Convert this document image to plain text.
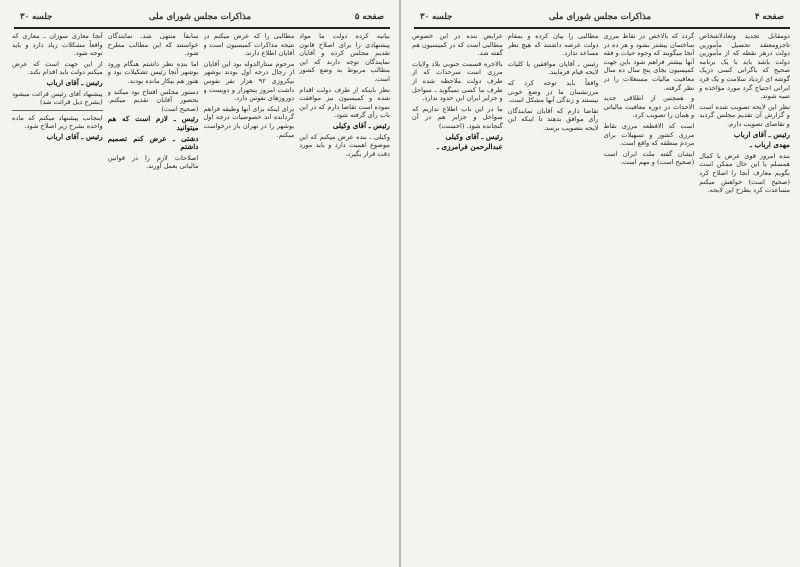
صفحه ۵
مذاکرات مجلس شورای ملی
جلسه ۳۰

بیانیه کرده دولت ما مواد پیشنهادی را برای اصلاح قانون تقدیم مجلس کرده و آقایان نمایندگان توجه دارند که این مطالب مربوط به وضع کشور است.

نظر باینکه از طرف دولت اقدام شده و کمیسیون نیز موافقت نموده است تقاضا دارم که در این باب رأی گرفته شود.

رئیس ـ آقای وکیلی

وکیلی ـ بنده عرض میکنم که این موضوع اهمیت دارد و باید مورد دقت قرار بگیرد.

مطالبی را که عرض میکنم در نتیجه مذاکرات کمیسیون است و آقایان اطلاع دارند.

مرحوم ستارالدوله بود این آقایان از رجال درجه اول بودند بوشهر بیکروزی ۹۲ هزار نفر نفوس داشت امروز پنجهزار و دویست و دوروزهای نفوس دارد.

برای اینکه برای آنها وظیفه فراهم گردانده اند خصوصیات درجه اول بوشهر را در تهران باز درخواست میکنم.

سابقاً منتهی شد، نمایندگان خواستند که این مطالب مطرح شود.

اما بنده نظر داشتم هنگام ورود بوشهر آنجا رئیس تشکیلات بود و هنوز هم بیکار مانده بودند.

دستور مجلس افتتاح بود میکند و بحضور آقایان تقدیم میکنم. (صحیح است)

رئیس ـ لازم است که هم میتوانید

دشتی ـ عرض کنم تصمیم داشتم

اصلاحات لازم را در قوانین مالیاتی بعمل آورند.

آنجا معاری سوزان ـ معاری که واقعاً مشکلات زیاد دارد و باید توجه شود.

از این جهت است که عرض میکنم دولت باید اقدام بکند.

رئیس ـ آقای ارباب

پیشنهاد آقای رئیس قرائت میشود (بشرح ذیل قرائت شد)

اینجانب پیشنهاد میکنم که ماده واحده بشرح زیر اصلاح شود.

رئیس ـ آقای ارباب

صفحه ۴
مذاکرات مجلس شورای ملی
جلسه ۳۰

دومقابل تجدید وتعادلاشخاص تاجرومعتقد تحصیل مأمورین دولت درهر نقطه که از مأمورین دولت باشد باید با یک برنامه صحیح که باگرانی کسی دریک گوشه ای ازدیاد سلامت و یک فرد ایرانی احتیاج گرد مورد مؤاخذه و تنبیه شوند.

نظر این لایحه تصویب شده است و گزارش آن تقدیم مجلس گردید و تقاضای تصویب دارم.

رئیس ـ آقای ارباب

مهدی ارباب ـ

بنده امروز قوی عرض با کمال همسلم با این حال ممکن است بگویم معارف آنجا را اصلاح کرد (صحیح است) خواهش میکنم مساعدت کرد بطرح این لایحه.

گردد که بالاخص در نقاط مرزی ساختمان بیشتر بشود و هر ده در آنجا میگویند که وجوه حیات و فقه آنها بیشتر فراهم شود باین جهت کمیسیون بجای پنج سال ده سال معافیت مالیات مستغلات را در نظر گرفته.

و همچنین از اطلاقی جدید الاحداث در دوره معافیت مالیاتی و همان را تصویب کرد.

است که الاقطعه مرزی نقاط مرزی کشور و تسهیلات برای مردم منطقه که واقع است.

ایشان گفته ملت ایران است (صحیح است) و مهم است.

مطالبی را بیان کرده و بمقام دولت عرضه داشتند که هیچ نظر مساعد ندارد.

رئیس ـ آقایان موافقین با کلیات لایحه قیام فرمایند.

واقعاً باید توجه کرد که مرزنشینان ما در وضع خوبی نیستند و زندگی آنها مشکل است.

تقاضا دارم که آقایان نمایندگان رأی موافق بدهند تا اینکه این لایحه بتصویب برسد.

عرایض بنده در این خصوص مطالبی است که در کمیسیون هم گفته شد.

بالاخره قسمت جنوبی بلاد ولایات مرزی است سرحدات که از طرف دولت ملاحظه شده از طرف ما کسی نمیگوید ـ سواحل و جزایر ایران این حدود ندارد.

ما در این باب اطلاع نداریم که سواحل و جزایر هم در آن گنجانده شود. (احسنت)

رئیس ـ آقای وکیلی

عبدالرحمن فرامرزی ـ
